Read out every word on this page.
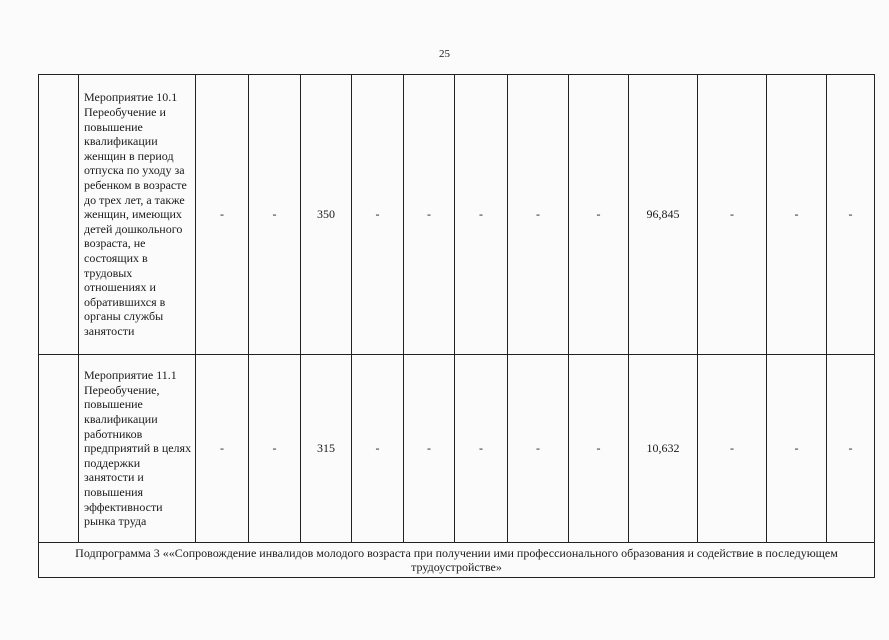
25
	Мероприятие 10.1 Переобучение и повышение квалификации женщин в период отпуска по уходу за ребенком в возрасте до трех лет, а также женщин, имеющих детей дошкольного возраста, не состоящих в трудовых отношениях и обратившихся в органы службы занятости	-	-	350	-	-	-	-	-	96,845	-	-	-
	Мероприятие 11.1 Переобучение, повышение квалификации работников предприятий в целях поддержки занятости и повышения эффективности рынка труда	-	-	315	-	-	-	-	-	10,632	-	-	-
Подпрограмма 3 ««Сопровождение инвалидов молодого возраста при получении ими профессионального образования и содействие в последующем трудоустройстве»													
